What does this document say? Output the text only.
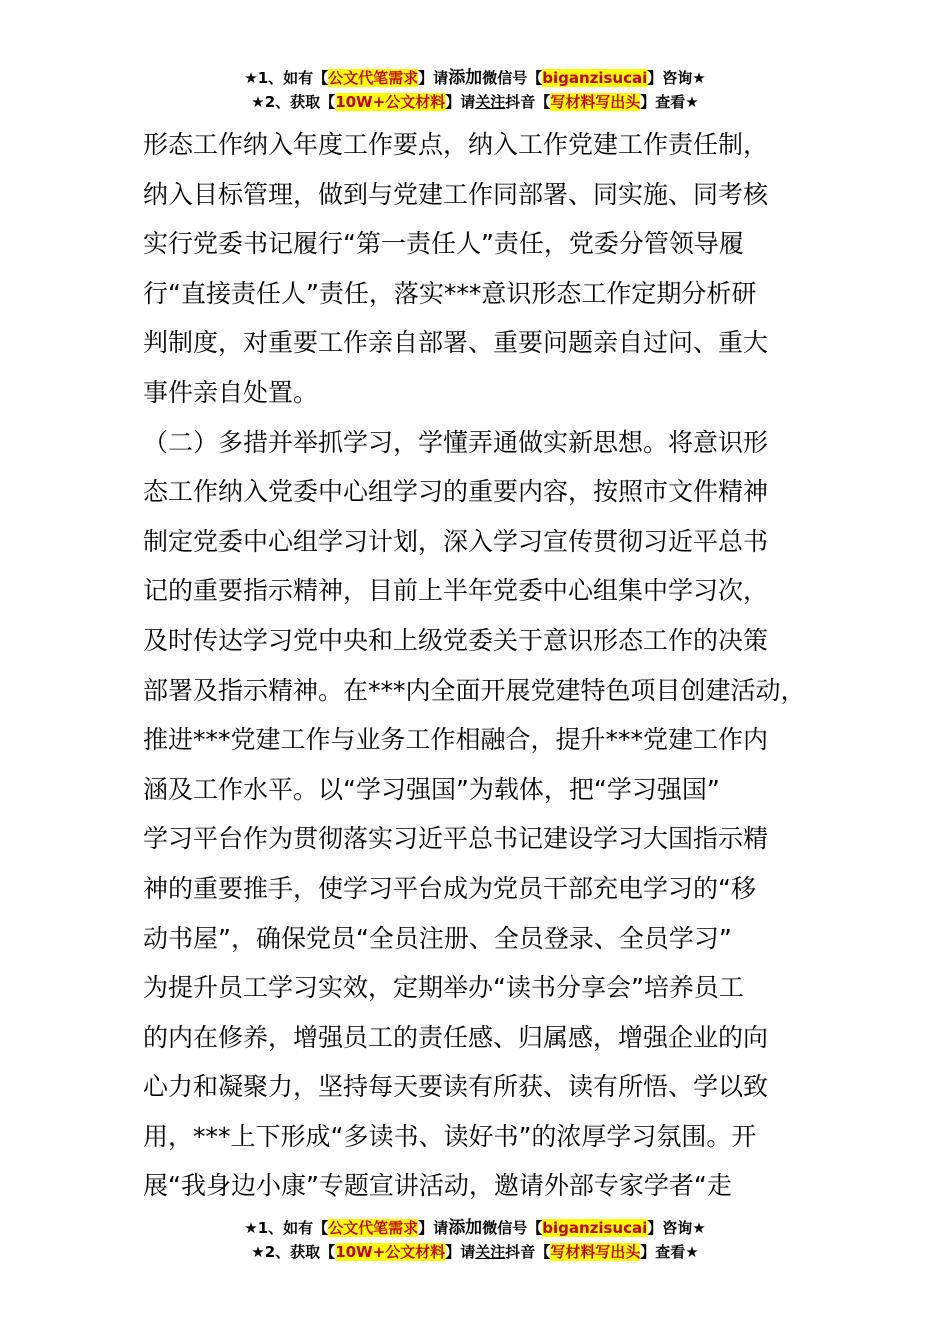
★1、如有【公文代笔需求】请添加微信号【biganzisucai】咨询★
★2、获取【10W+公文材料】请关注抖音【写材料写出头】查看★
形态工作纳入年度工作要点，纳入工作党建工作责任制，
纳入目标管理，做到与党建工作同部署、同实施、同考核
实行党委书记履行“第一责任人”责任，党委分管领导履
行“直接责任人”责任，落实***意识形态工作定期分析研
判制度，对重要工作亲自部署、重要问题亲自过问、重大
事件亲自处置。
（二）多措并举抓学习，学懂弄通做实新思想。将意识形
态工作纳入党委中心组学习的重要内容，按照市文件精神
制定党委中心组学习计划，深入学习宣传贯彻习近平总书
记的重要指示精神，目前上半年党委中心组集中学习次，
及时传达学习党中央和上级党委关于意识形态工作的决策
部署及指示精神。在***内全面开展党建特色项目创建活动，
推进***党建工作与业务工作相融合，提升***党建工作内
涵及工作水平。以“学习强国”为载体，把“学习强国”
学习平台作为贯彻落实习近平总书记建设学习大国指示精
神的重要推手，使学习平台成为党员干部充电学习的“移
动书屋”，确保党员“全员注册、全员登录、全员学习”
为提升员工学习实效，定期举办“读书分享会”培养员工
的内在修养，增强员工的责任感、归属感，增强企业的向
心力和凝聚力，坚持每天要读有所获、读有所悟、学以致
用，***上下形成“多读书、读好书”的浓厚学习氛围。开
展“我身边小康”专题宣讲活动，邀请外部专家学者“走
★1、如有【公文代笔需求】请添加微信号【biganzisucai】咨询★
★2、获取【10W+公文材料】请关注抖音【写材料写出头】查看★
